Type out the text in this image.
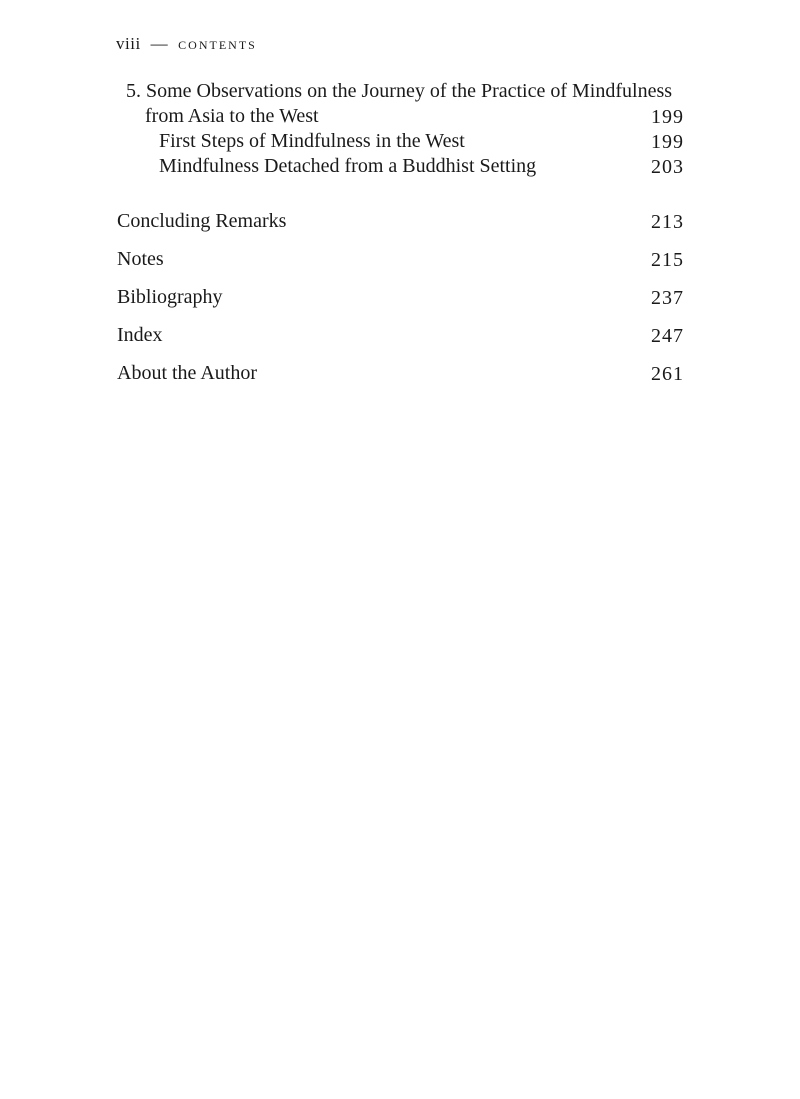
viii — contents
5. Some Observations on the Journey of the Practice of Mindfulness
from Asia to the West	199
First Steps of Mindfulness in the West	199
Mindfulness Detached from a Buddhist Setting	203
Concluding Remarks	213
Notes	215
Bibliography	237
Index	247
About the Author	261
